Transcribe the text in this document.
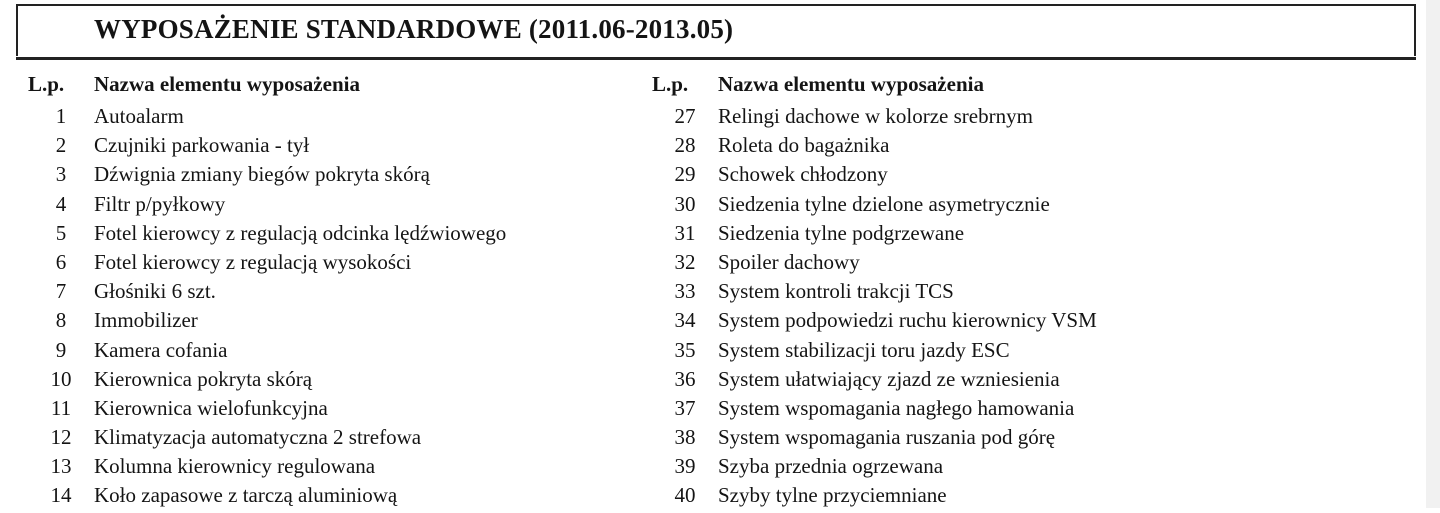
WYPOSAŻENIE STANDARDOWE (2011.06-2013.05)
L.p.	Nazwa elementu wyposażenia
1	Autoalarm
2	Czujniki parkowania - tył
3	Dźwignia zmiany biegów pokryta skórą
4	Filtr p/pyłkowy
5	Fotel kierowcy z regulacją odcinka lędźwiowego
6	Fotel kierowcy z regulacją wysokości
7	Głośniki 6 szt.
8	Immobilizer
9	Kamera cofania
10	Kierownica pokryta skórą
11	Kierownica wielofunkcyjna
12	Klimatyzacja automatyczna 2 strefowa
13	Kolumna kierownicy regulowana
14	Koło zapasowe z tarczą aluminiową
L.p.	Nazwa elementu wyposażenia
27	Relingi dachowe w kolorze srebrnym
28	Roleta do bagażnika
29	Schowek chłodzony
30	Siedzenia tylne dzielone asymetrycznie
31	Siedzenia tylne podgrzewane
32	Spoiler dachowy
33	System kontroli trakcji TCS
34	System podpowiedzi ruchu kierownicy VSM
35	System stabilizacji toru jazdy ESC
36	System ułatwiający zjazd ze wzniesienia
37	System wspomagania nagłego hamowania
38	System wspomagania ruszania pod górę
39	Szyba przednia ogrzewana
40	Szyby tylne przyciemniane
